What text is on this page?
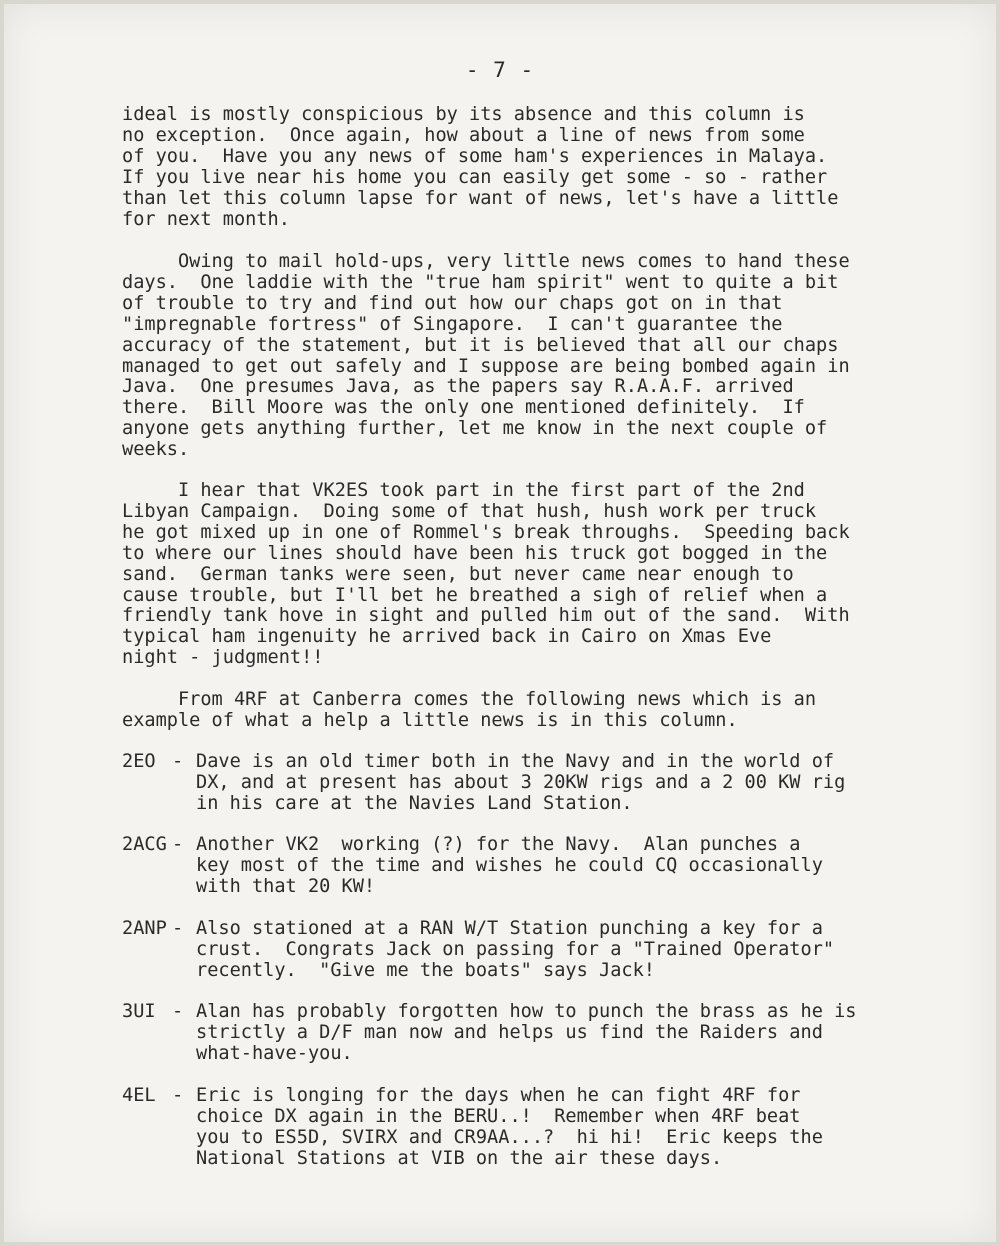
- 7 -
ideal is mostly conspicious by its absence and this column is
no exception.  Once again, how about a line of news from some
of you.  Have you any news of some ham's experiences in Malaya.
If you live near his home you can easily get some - so - rather
than let this column lapse for want of news, let's have a little
for next month.
Owing to mail hold-ups, very little news comes to hand these
days.  One laddie with the "true ham spirit" went to quite a bit
of trouble to try and find out how our chaps got on in that
"impregnable fortress" of Singapore.  I can't guarantee the
accuracy of the statement, but it is believed that all our chaps
managed to get out safely and I suppose are being bombed again in
Java.  One presumes Java, as the papers say R.A.A.F. arrived
there.  Bill Moore was the only one mentioned definitely.  If
anyone gets anything further, let me know in the next couple of
weeks.
I hear that VK2ES took part in the first part of the 2nd
Libyan Campaign.  Doing some of that hush, hush work per truck
he got mixed up in one of Rommel's break throughs.  Speeding back
to where our lines should have been his truck got bogged in the
sand.  German tanks were seen, but never came near enough to
cause trouble, but I'll bet he breathed a sigh of relief when a
friendly tank hove in sight and pulled him out of the sand.  With
typical ham ingenuity he arrived back in Cairo on Xmas Eve
night - judgment!!
From 4RF at Canberra comes the following news which is an
example of what a help a little news is in this column.
2EO - Dave is an old timer both in the Navy and in the world of
DX, and at present has about 3 20KW rigs and a 2 00 KW rig
in his care at the Navies Land Station.
2ACG - Another VK2  working (?) for the Navy.  Alan punches a
key most of the time and wishes he could CQ occasionally
with that 20 KW!
2ANP - Also stationed at a RAN W/T Station punching a key for a
crust.  Congrats Jack on passing for a "Trained Operator"
recently.  "Give me the boats" says Jack!
3UI - Alan has probably forgotten how to punch the brass as he is
strictly a D/F man now and helps us find the Raiders and
what-have-you.
4EL - Eric is longing for the days when he can fight 4RF for
choice DX again in the BERU..!  Remember when 4RF beat
you to ES5D, SVIRX and CR9AA...?  hi hi!  Eric keeps the
National Stations at VIB on the air these days.
